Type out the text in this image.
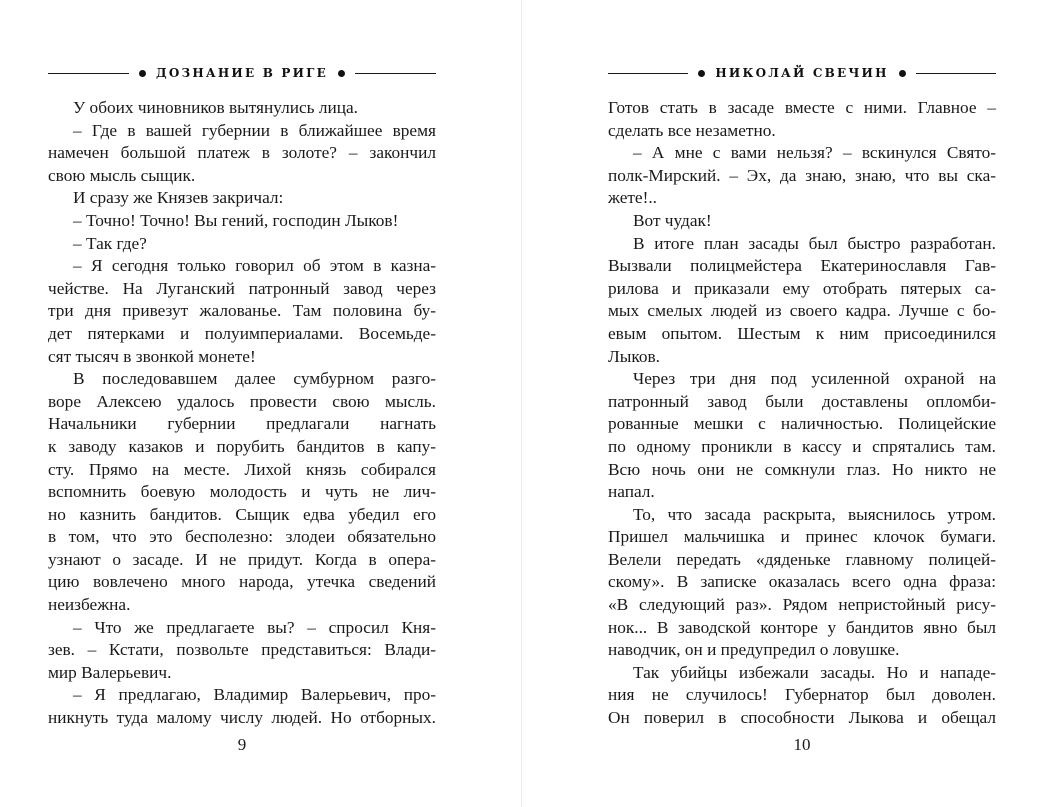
ДОЗНАНИЕ В РИГЕ
У обоих чиновников вытянулись лица.
– Где в вашей губернии в ближайшее время
намечен большой платеж в золоте? – закончил
свою мысль сыщик.
И сразу же Князев закричал:
– Точно! Точно! Вы гений, господин Лыков!
– Так где?
– Я сегодня только говорил об этом в казна-
чействе. На Луганский патронный завод через
три дня привезут жалованье. Там половина бу-
дет пятерками и полуимпериалами. Восемьде-
сят тысяч в звонкой монете!
В последовавшем далее сумбурном разго-
воре Алексею удалось провести свою мысль.
Начальники губернии предлагали нагнать
к заводу казаков и порубить бандитов в капу-
сту. Прямо на месте. Лихой князь собирался
вспомнить боевую молодость и чуть не лич-
но казнить бандитов. Сыщик едва убедил его
в том, что это бесполезно: злодеи обязательно
узнают о засаде. И не придут. Когда в опера-
цию вовлечено много народа, утечка сведений
неизбежна.
– Что же предлагаете вы? – спросил Кня-
зев. – Кстати, позвольте представиться: Влади-
мир Валерьевич.
– Я предлагаю, Владимир Валерьевич, про-
никнуть туда малому числу людей. Но отборных.
9
НИКОЛАЙ СВЕЧИН
Готов стать в засаде вместе с ними. Главное –
сделать все незаметно.
– А мне с вами нельзя? – вскинулся Свято-
полк-Мирский. – Эх, да знаю, знаю, что вы ска-
жете!..
Вот чудак!
В итоге план засады был быстро разработан.
Вызвали полицмейстера Екатеринославля Гав-
рилова и приказали ему отобрать пятерых са-
мых смелых людей из своего кадра. Лучше с бо-
евым опытом. Шестым к ним присоединился
Лыков.
Через три дня под усиленной охраной на
патронный завод были доставлены опломби-
рованные мешки с наличностью. Полицейские
по одному проникли в кассу и спрятались там.
Всю ночь они не сомкнули глаз. Но никто не
напал.
То, что засада раскрыта, выяснилось утром.
Пришел мальчишка и принес клочок бумаги.
Велели передать «дяденьке главному полицей-
скому». В записке оказалась всего одна фраза:
«В следующий раз». Рядом непристойный рису-
нок... В заводской конторе у бандитов явно был
наводчик, он и предупредил о ловушке.
Так убийцы избежали засады. Но и нападе-
ния не случилось! Губернатор был доволен.
Он поверил в способности Лыкова и обещал
10
